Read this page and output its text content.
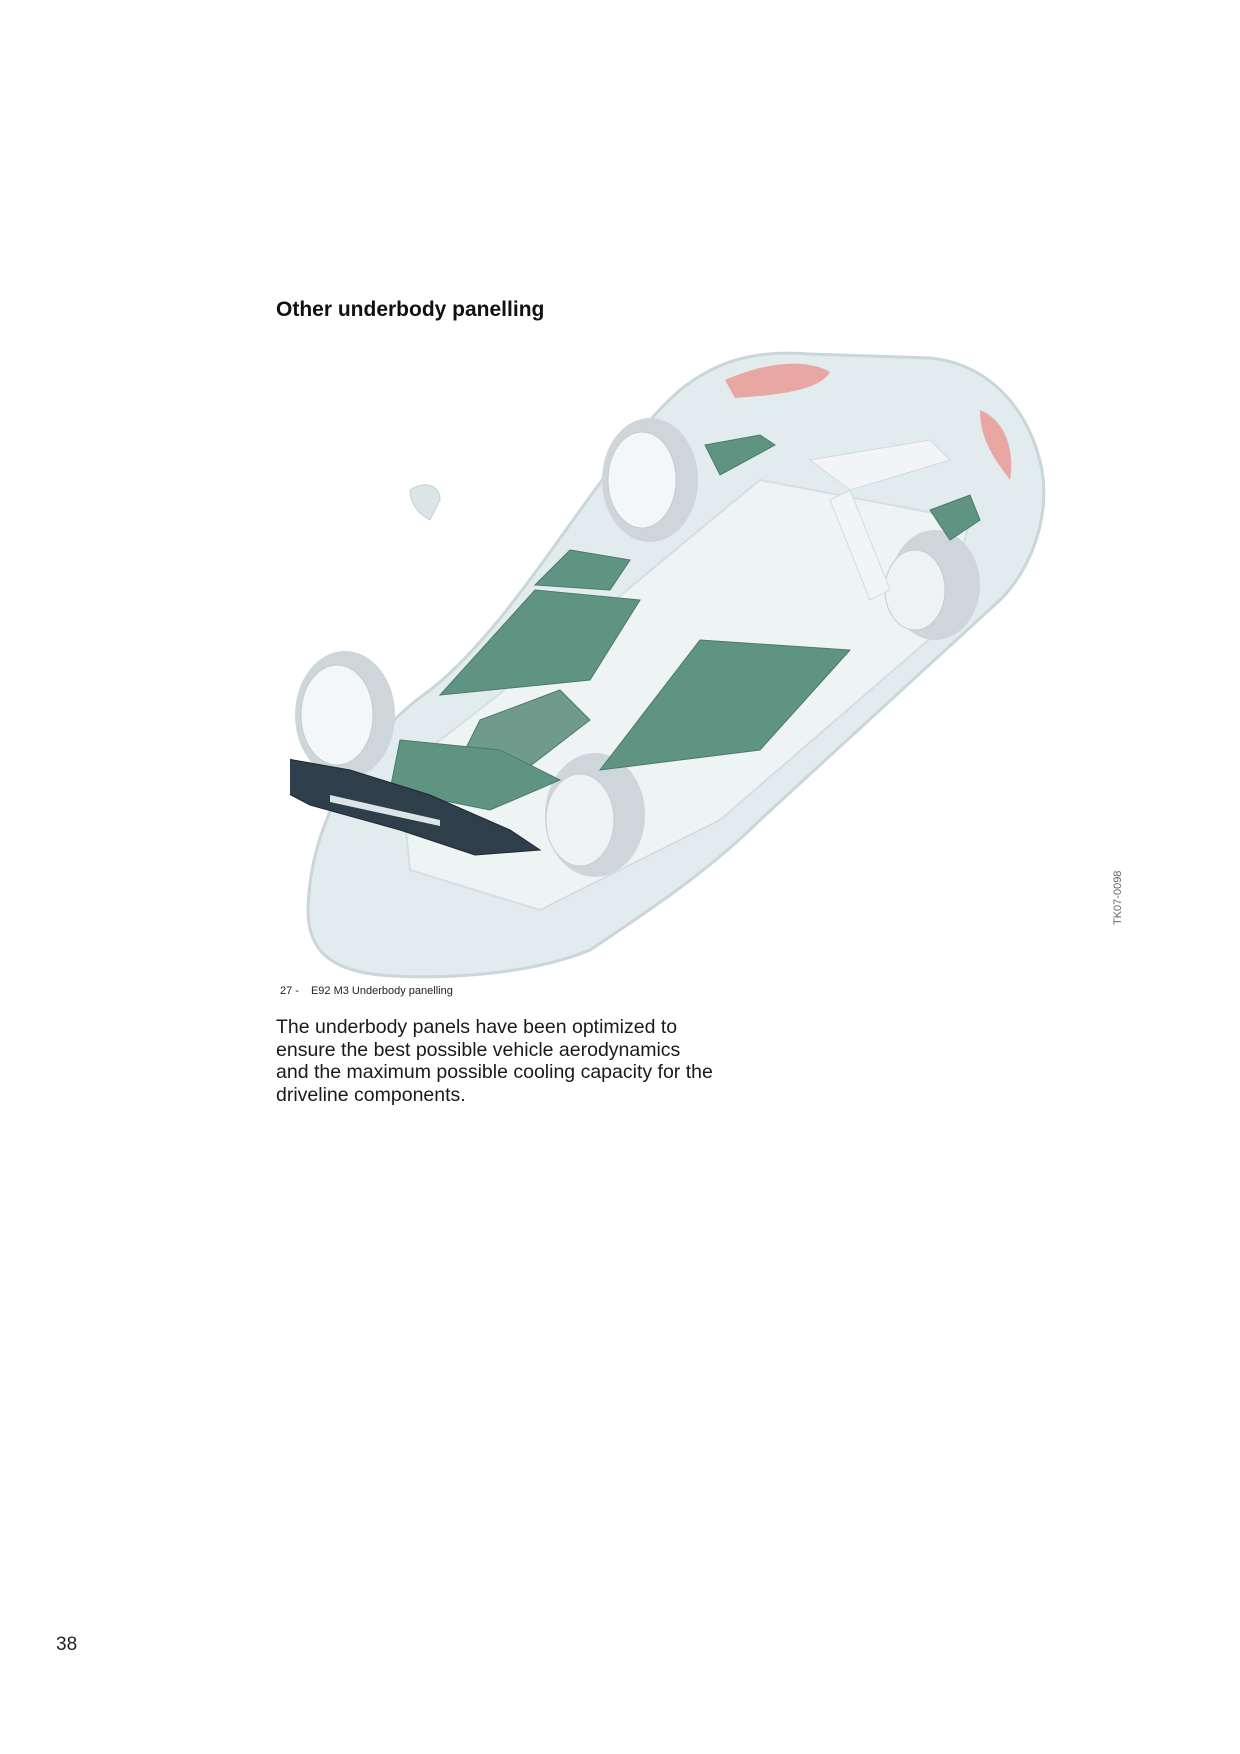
Other underbody panelling
TK07-0098
27 - E92 M3 Underbody panelling

The underbody panels have been optimized to ensure the best possible vehicle aerodynamics and the maximum possible cooling capacity for the driveline components.

38
